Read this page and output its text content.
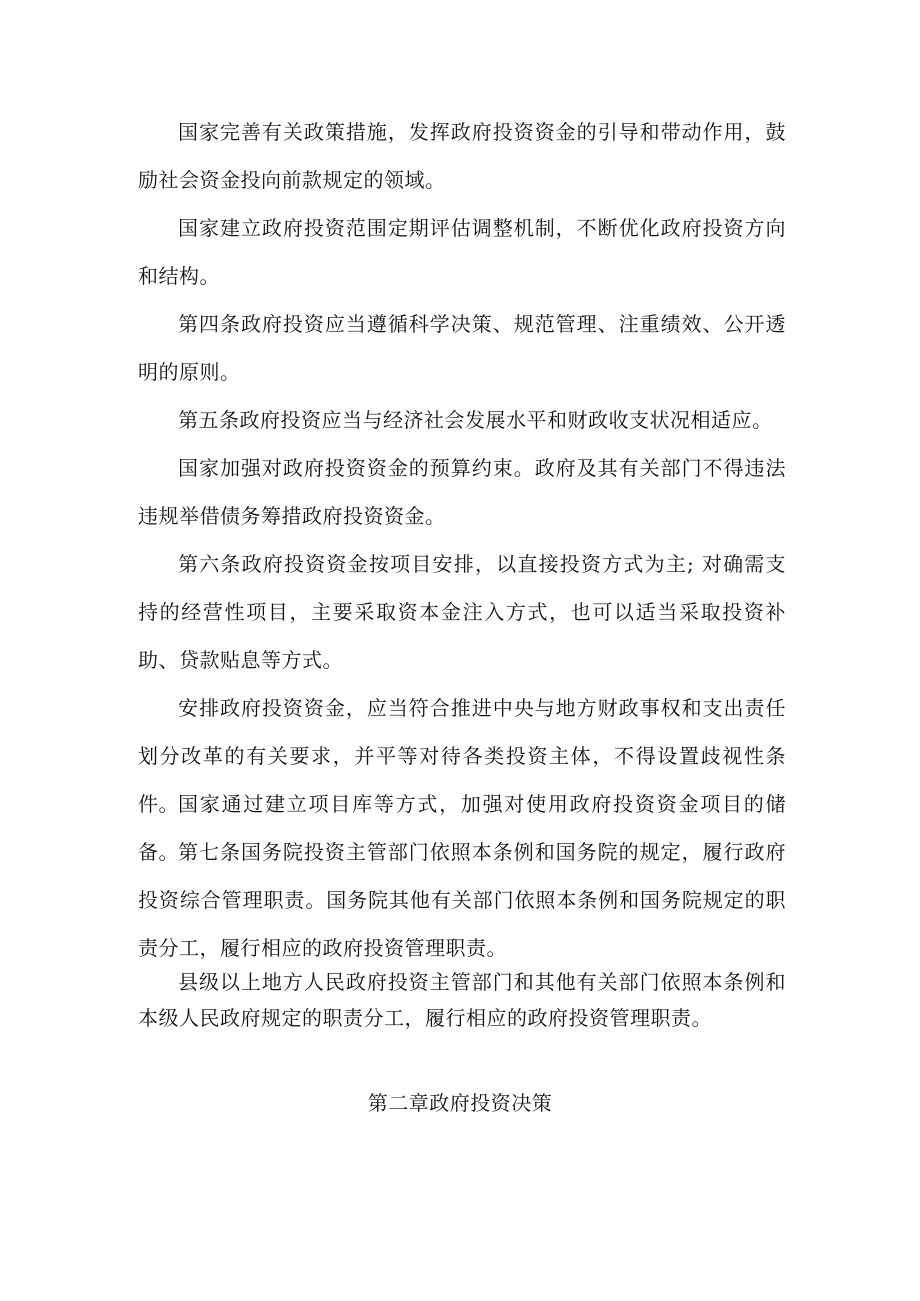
国家完善有关政策措施，发挥政府投资资金的引导和带动作用，鼓励社会资金投向前款规定的领域。

国家建立政府投资范围定期评估调整机制，不断优化政府投资方向和结构。

第四条政府投资应当遵循科学决策、规范管理、注重绩效、公开透明的原则。

第五条政府投资应当与经济社会发展水平和财政收支状况相适应。

国家加强对政府投资资金的预算约束。政府及其有关部门不得违法违规举借债务筹措政府投资资金。

第六条政府投资资金按项目安排，以直接投资方式为主; 对确需支持的经营性项目，主要采取资本金注入方式，也可以适当采取投资补助、贷款贴息等方式。

安排政府投资资金，应当符合推进中央与地方财政事权和支出责任划分改革的有关要求，并平等对待各类投资主体，不得设置歧视性条件。 国家通过建立项目库等方式，加强对使用政府投资资金项目的储备。 第七条国务院投资主管部门依照本条例和国务院的规定，履行政府投资综合管理职责。国务院其他有关部门依照本条例和国务院规定的职责分工，履行相应的政府投资管理职责。

县级以上地方人民政府投资主管部门和其他有关部门依照本条例和本级人民政府规定的职责分工，履行相应的政府投资管理职责。

第二章政府投资决策
